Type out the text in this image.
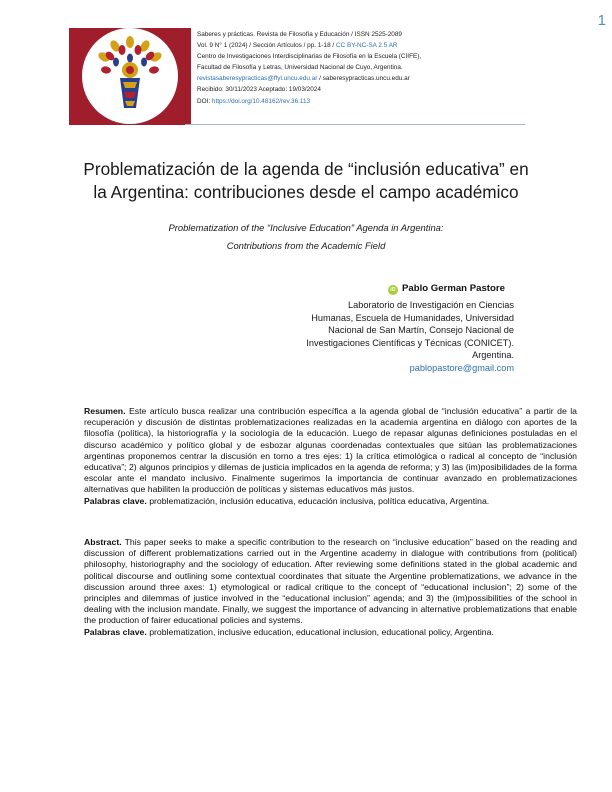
1
Saberes y prácticas. Revista de Filosofía y Educación / ISSN 2525-2089
Vol. 9 N° 1 (2024) / Sección Artículos / pp. 1-18 / CC BY-NC-SA 2.5 AR
Centro de Investigaciones Interdisciplinarias de Filosofía en la Escuela (CIIFE),
Facultad de Filosofía y Letras, Universidad Nacional de Cuyo, Argentina.
revistasaberesypracticas@ffyl.uncu.edu.ar / saberesypracticas.uncu.edu.ar
Recibido: 30/11/2023 Aceptado: 19/03/2024
DOI: https://doi.org/10.48162/rev.36.113
Problematización de la agenda de “inclusión educativa” en
la Argentina: contribuciones desde el campo académico
Problematization of the “Inclusive Education” Agenda in Argentina:
Contributions from the Academic Field
iD Pablo German Pastore
Laboratorio de Investigación en Ciencias
Humanas, Escuela de Humanidades, Universidad
Nacional de San Martín, Consejo Nacional de
Investigaciones Científicas y Técnicas (CONICET).
Argentina.
pablopastore@gmail.com

Resumen. Este artículo busca realizar una contribución específica a la agenda global de “inclusión educativa” a partir de la recuperación y discusión de distintas problematizaciones realizadas en la academia argentina en diálogo con aportes de la filosofía (política), la historiografía y la sociología de la educación. Luego de repasar algunas definiciones postuladas en el discurso académico y político global y de esbozar algunas coordenadas contextuales que sitúan las problematizaciones argentinas proponemos centrar la discusión en torno a tres ejes: 1) la crítica etimológica o radical al concepto de “inclusión educativa”; 2) algunos principios y dilemas de justicia implicados en la agenda de reforma; y 3) las (im)posibilidades de la forma escolar ante el mandato inclusivo. Finalmente sugerimos la importancia de continuar avanzado en problematizaciones alternativas que habiliten la producción de políticas y sistemas educativos más justos.

Palabras clave. problematización, inclusión educativa, educación inclusiva, política educativa, Argentina.

Abstract. This paper seeks to make a specific contribution to the research on “inclusive education” based on the reading and discussion of different problematizations carried out in the Argentine academy in dialogue with contributions from (political) philosophy, historiography and the sociology of education. After reviewing some definitions stated in the global academic and political discourse and outlining some contextual coordinates that situate the Argentine problematizations, we advance in the discussion around three axes: 1) etymological or radical critique to the concept of “educational inclusion”; 2) some of the principles and dilemmas of justice involved in the “educational inclusion” agenda; and 3) the (im)possibilities of the school in dealing with the inclusion mandate. Finally, we suggest the importance of advancing in alternative problematizations that enable the production of fairer educational policies and systems.

Palabras clave. problematization, inclusive education, educational inclusion, educational policy, Argentina.
